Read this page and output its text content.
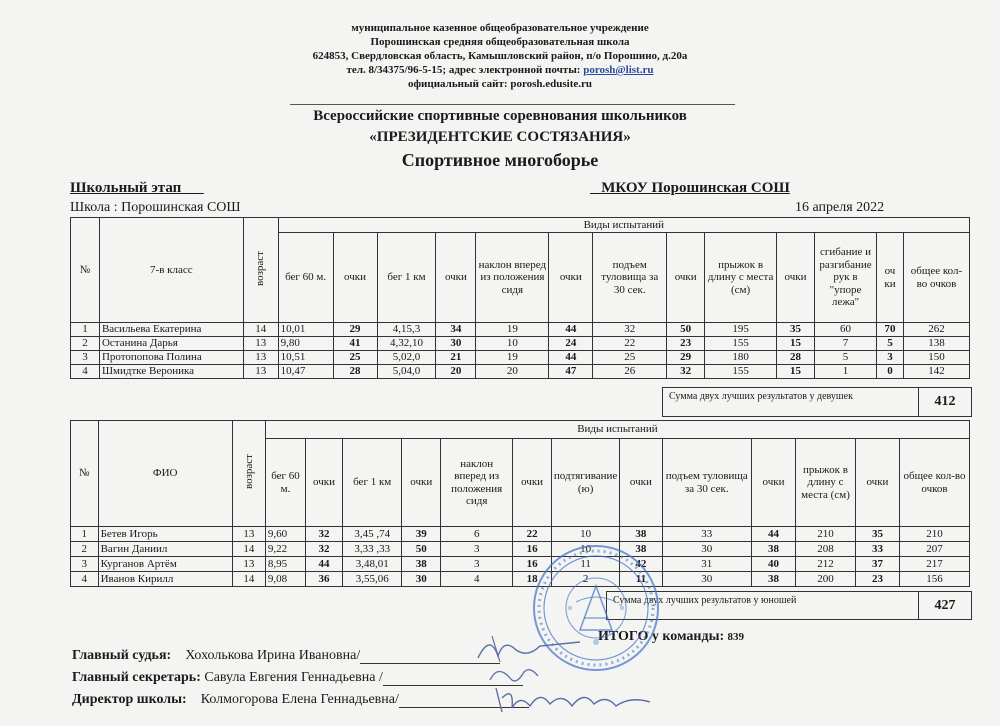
муниципальное казенное общеобразовательное учреждение
Порошинская средняя общеобразовательная школа
624853, Свердловская область, Камышловский район, п/о Порошино, д.20а
тел. 8/34375/96-5-15; адрес электронной почты: porosh@list.ru
официальный сайт: porosh.edusite.ru
Всероссийские спортивные соревнования школьников
«ПРЕЗИДЕНТСКИЕ СОСТЯЗАНИЯ»
Спортивное многоборье
Школьный этап	МКОУ Порошинская СОШ
Школа : Порошинская СОШ	16 апреля 2022
№	7-в класс	возраст	Виды испытаний												
			бег 60 м.	очки	бег 1 км	очки	наклон вперед из положения сидя	очки	подъем туловища за 30 сек.	очки	прыжок в длину с места (см)	очки	сгибание и разгибание рук в "упоре лежа"	оч ки	общее кол-во очков
1	Васильева Екатерина	14	10,01	29	4,15,3	34	19	44	32	50	195	35	60	70	262
2	Останина Дарья	13	9,80	41	4,32,10	30	10	24	22	23	155	15	7	5	138
3	Протопопова Полина	13	10,51	25	5,02,0	21	19	44	25	29	180	28	5	3	150
4	Шмидтке Вероника	13	10,47	28	5,04,0	20	20	47	26	32	155	15	1	0	142
Сумма двух лучших результатов у девушек	412
№	ФИО	возраст	Виды испытаний												
			бег 60 м.	очки	бег 1 км	очки	наклон вперед из положения сидя	очки	подтягивание (ю)	очки	подъем туловища за 30 сек.	очки	прыжок в длину с места (см)	очки	общее кол-во очков
1	Бетев Игорь	13	9,60	32	3,45 ,74	39	6	22	10	38	33	44	210	35	210
2	Вагин Даниил	14	9,22	32	3,33 ,33	50	3	16	10	38	30	38	208	33	207
3	Курганов Артём	13	8,95	44	3,48,01	38	3	16	11	42	31	40	212	37	217
4	Иванов Кирилл	14	9,08	36	3,55,06	30	4	18	2	11	30	38	200	23	156
Сумма двух лучших результатов у юношей	427
ИТОГО у команды: 839
Главный судья: Хохолькова Ирина Ивановна/
Главный секретарь: Савула Евгения Геннадьевна /
Директор школы: Колмогорова Елена Геннадьевна/
